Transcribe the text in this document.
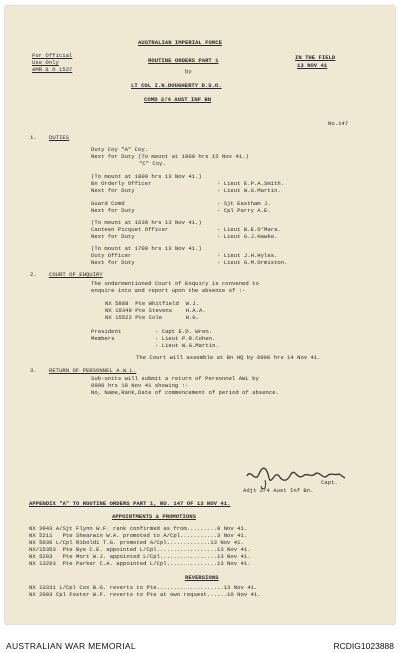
AUSTRALIAN IMPERIAL FORCE
ROUTINE ORDERS PART 1
by
LT COL I.N.DOUGHERTY D.S.O.
COMD 2/4 AUST INF BN
For Official
Use Only
AMR & O 1537
IN THE FIELD
13 NOV 41
No.147
1. DUTIES
Duty Coy "A" Coy.
Next for Duty (To mount at 1800 hrs 15 Nov 41.)
"C" Coy.
(To mount at 1800 hrs 13 Nov 41.)
Bn Orderly Officer	- Lieut E.P.A.Smith.
Next for Duty	- Lieut W.G.Martin.
Guard Comd	- Sjt Eastham J.
Next for Duty	- Cpl Parry A.E.
(To mount at 1630 hrs 13 Nov 41.)
Canteen Picquet Officer	- Lieut B.E.O'Mara.
Next for Duty	- Lieut G.J.Hawke.
(To mount at 1700 hrs 13 Nov 41.)
Duty Officer	- Lieut J.H.Hyles.
Next for Duty	- Lieut G.M.Ormiston.
2. COURT OF ENQUIRY
The undermentioned Court of Enquiry is convened to
enquire into and report upon the absence of :-
NX 5888  Pte Whitfield  W.J.
NX 19349 Pte Stevens    H.A.A.
NX 15522 Pte Cole       H.G.
President	- Capt E.D. Wren.
Members	- Lieut P.R.Cohen.
- Lieut W.G.Martin.
The Court will assemble at Bn HQ by 0900 hrs 14 Nov 41.
3. RETURN OF PERSONNEL A.W.L.
Sub-units will submit a return of Personnel AWL by
0900 hrs 18 Nov 41 showing :-
No, Name,Rank,Date of commencement of period of absence.
Capt.
Adjt 2/4 Aust Inf Bn.
APPENDIX "A" TO ROUTINE ORDERS PART 1, NO. 147 OF 13 NOV 41.
APPOINTMENTS & PROMOTIONS
NX 3943 A/Sjt Flynn W.F. rank confirmed as from.........9 Nov 41.
NX 5211   Pte Shearwin W.A. promoted to A/Cpl...........3 Nov 41.
NX 5936 L/Cpl Riboldi T.G. promoted A/Cpl.............13 Nov 41.
NX/15363  Pte Bye C.E. appointed L/Cpl..................13 Nov 41.
NX 5283   Pte Mort W.J. appointed L/Cpl.................13 Nov 41.
NX 13293  Pte Parker C.A. appointed L/Cpl...............13 Nov 41.
REVERSIONS
NX 13331 L/Cpl Cox B.G. reverts to Pte....................13 Nov 41.
NX 2903 Cpl Foster W.F. reverts to Pte at own request......10 Nov 41.
AUSTRALIAN WAR MEMORIAL	RCDIG1023888
